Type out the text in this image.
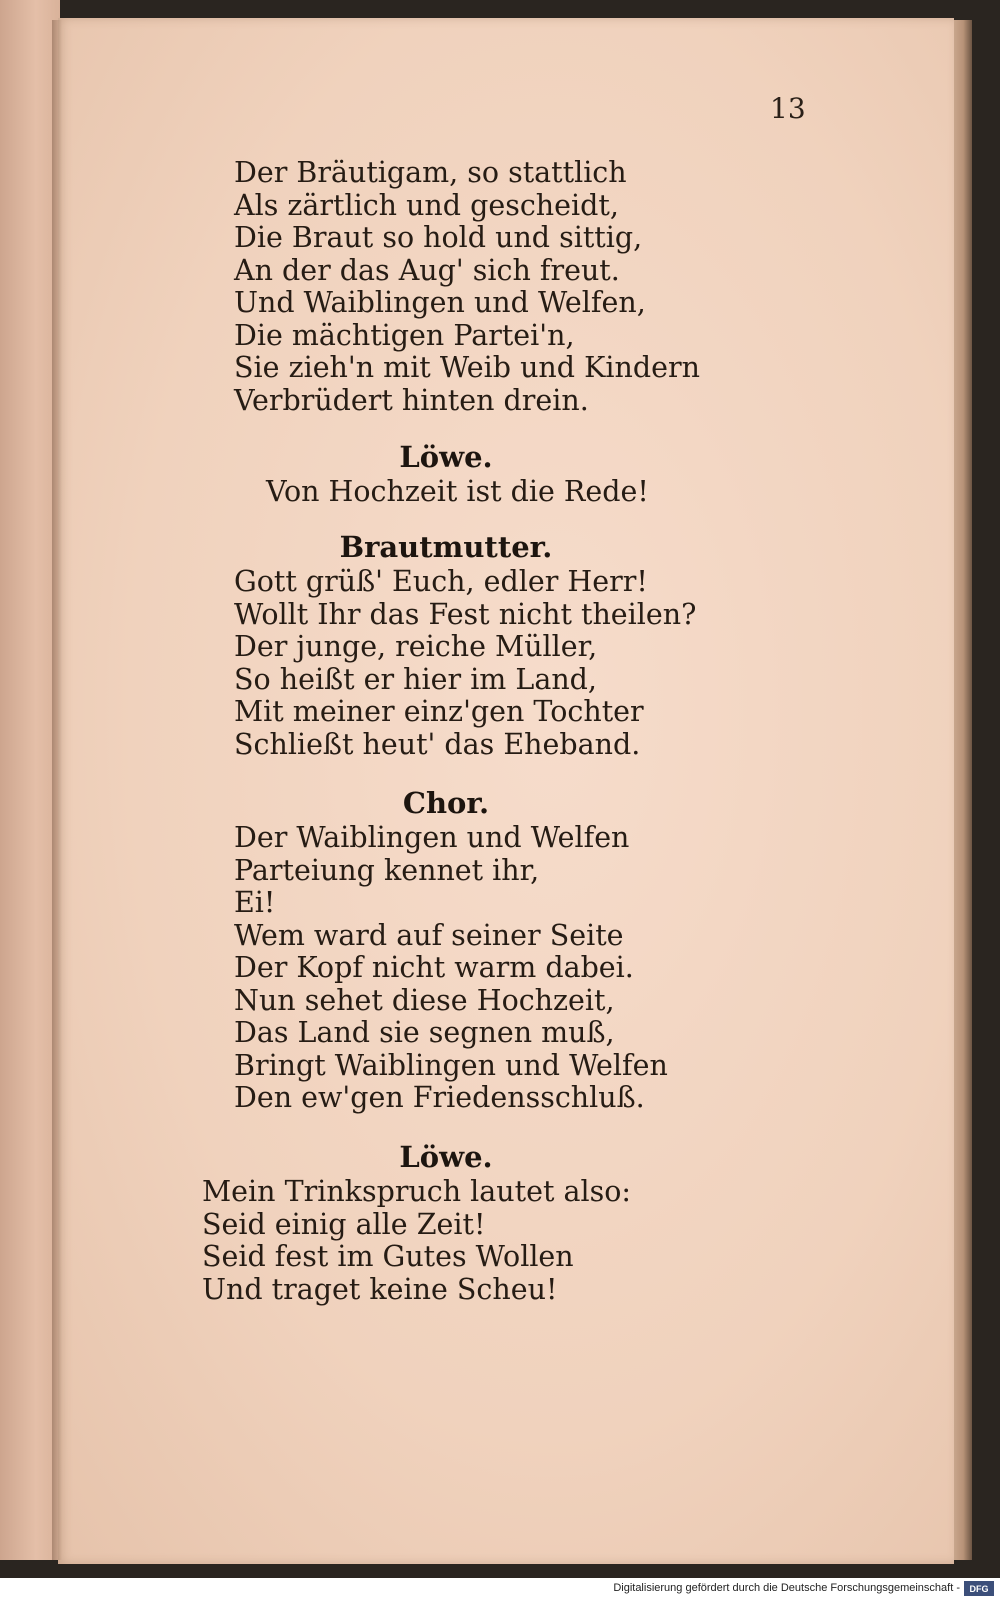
13
Der Bräutigam, so stattlich
Als zärtlich und gescheidt,
Die Braut so hold und sittig,
An der das Aug' sich freut.
Und Waiblingen und Welfen,
Die mächtigen Partei'n,
Sie zieh'n mit Weib und Kindern
Verbrüdert hinten drein.
Löwe.
Von Hochzeit ist die Rede!
Brautmutter.
Gott grüß' Euch, edler Herr!
Wollt Ihr das Fest nicht theilen?
Der junge, reiche Müller,
So heißt er hier im Land,
Mit meiner einz'gen Tochter
Schließt heut' das Eheband.
Chor.
Der Waiblingen und Welfen
Parteiung kennet ihr,
Ei!
Wem ward auf seiner Seite
Der Kopf nicht warm dabei.
Nun sehet diese Hochzeit,
Das Land sie segnen muß,
Bringt Waiblingen und Welfen
Den ew'gen Friedensschluß.
Löwe.
Mein Trinkspruch lautet also:
Seid einig alle Zeit!
Seid fest im Gutes Wollen
Und traget keine Scheu!
Digitalisierung gefördert durch die Deutsche Forschungsgemeinschaft -	DFG
